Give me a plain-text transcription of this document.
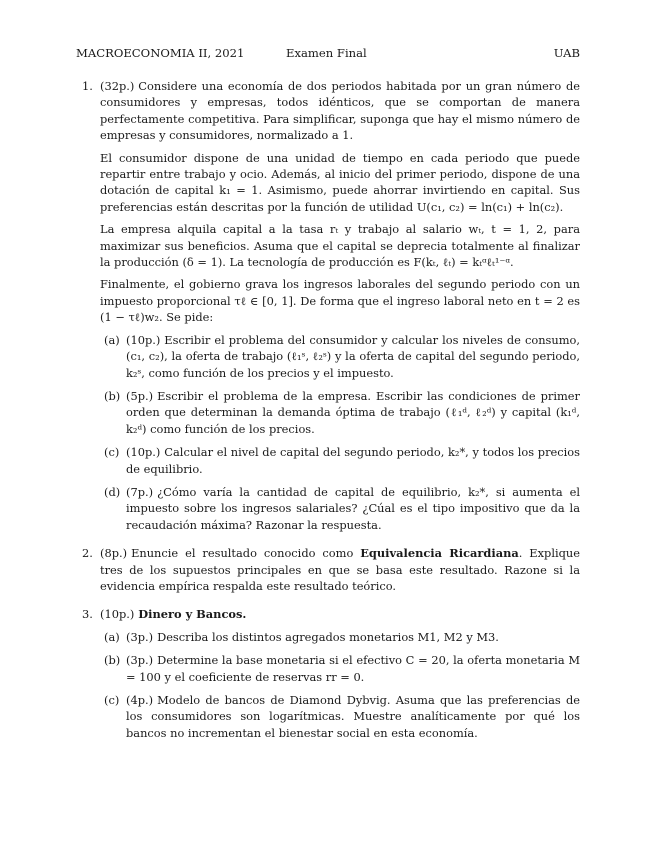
MACROECONOMIA II, 2021	Examen Final	UAB
1. (32p.) Considere una economía de dos periodos habitada por un gran número de consumidores y empresas, todos idénticos, que se comportan de manera perfectamente competitiva. Para simplificar, suponga que hay el mismo número de empresas y consumidores, normalizado a 1.

El consumidor dispone de una unidad de tiempo en cada periodo que puede repartir entre trabajo y ocio. Además, al inicio del primer periodo, dispone de una dotación de capital k₁ = 1. Asimismo, puede ahorrar invirtiendo en capital. Sus preferencias están descritas por la función de utilidad U(c₁, c₂) = ln(c₁) + ln(c₂).

La empresa alquila capital a la tasa rₜ y trabajo al salario wₜ, t = 1, 2, para maximizar sus beneficios. Asuma que el capital se deprecia totalmente al finalizar la producción (δ = 1). La tecnología de producción es F(kₜ, ℓₜ) = kₜᵅℓₜ¹⁻ᵅ.

Finalmente, el gobierno grava los ingresos laborales del segundo periodo con un impuesto proporcional τℓ ∈ [0, 1]. De forma que el ingreso laboral neto en t = 2 es (1 − τℓ)w₂. Se pide:

(a) (10p.) Escribir el problema del consumidor y calcular los niveles de consumo, (c₁, c₂), la oferta de trabajo (ℓ₁ˢ, ℓ₂ˢ) y la oferta de capital del segundo periodo, k₂ˢ, como función de los precios y el impuesto.
(b) (5p.) Escribir el problema de la empresa. Escribir las condiciones de primer orden que determinan la demanda óptima de trabajo (ℓ₁ᵈ, ℓ₂ᵈ) y capital (k₁ᵈ, k₂ᵈ) como función de los precios.
(c) (10p.) Calcular el nivel de capital del segundo periodo, k₂*, y todos los precios de equilibrio.
(d) (7p.) ¿Cómo varía la cantidad de capital de equilibrio, k₂*, si aumenta el impuesto sobre los ingresos salariales? ¿Cúal es el tipo impositivo que da la recaudación máxima? Razonar la respuesta.
2. (8p.) Enuncie el resultado conocido como Equivalencia Ricardiana. Explique tres de los supuestos principales en que se basa este resultado. Razone si la evidencia empírica respalda este resultado teórico.

3. (10p.) Dinero y Bancos.

(a) (3p.) Describa los distintos agregados monetarios M1, M2 y M3.
(b) (3p.) Determine la base monetaria si el efectivo C = 20, la oferta monetaria M = 100 y el coeficiente de reservas rr = 0.
(c) (4p.) Modelo de bancos de Diamond Dybvig. Asuma que las preferencias de los consumidores son logarítmicas. Muestre analíticamente por qué los bancos no incrementan el bienestar social en esta economía.
